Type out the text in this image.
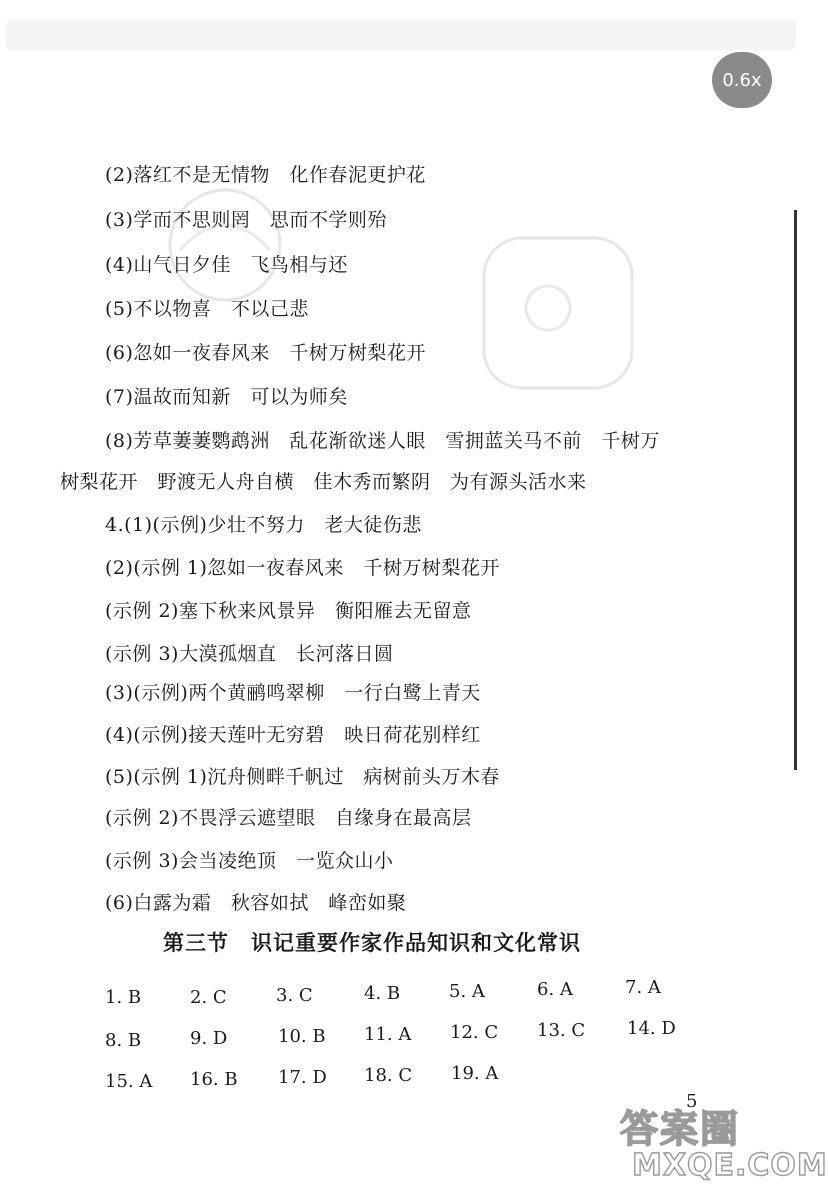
0.6x
(2)落红不是无情物　化作春泥更护花
(3)学而不思则罔　思而不学则殆
(4)山气日夕佳　飞鸟相与还
(5)不以物喜　不以己悲
(6)忽如一夜春风来　千树万树梨花开
(7)温故而知新　可以为师矣
(8)芳草萋萋鹦鹉洲　乱花渐欲迷人眼　雪拥蓝关马不前　千树万
树梨花开　野渡无人舟自横　佳木秀而繁阴　为有源头活水来
4.(1)(示例)少壮不努力　老大徒伤悲
(2)(示例 1)忽如一夜春风来　千树万树梨花开
(示例 2)塞下秋来风景异　衡阳雁去无留意
(示例 3)大漠孤烟直　长河落日圆
(3)(示例)两个黄鹂鸣翠柳　一行白鹭上青天
(4)(示例)接天莲叶无穷碧　映日荷花别样红
(5)(示例 1)沉舟侧畔千帆过　病树前头万木春
(示例 2)不畏浮云遮望眼　自缘身在最高层
(示例 3)会当凌绝顶　一览众山小
(6)白露为霜　秋容如拭　峰峦如聚
第三节　识记重要作家作品知识和文化常识
1. B	2. C	3. C	4. B	5. A	6. A	7. A
8. B	9. D	10. B 11. A 12. C 13. C 14. D
15. A 16. B 17. D 18. C 19. A
5
答案圈
MXQE.COM
